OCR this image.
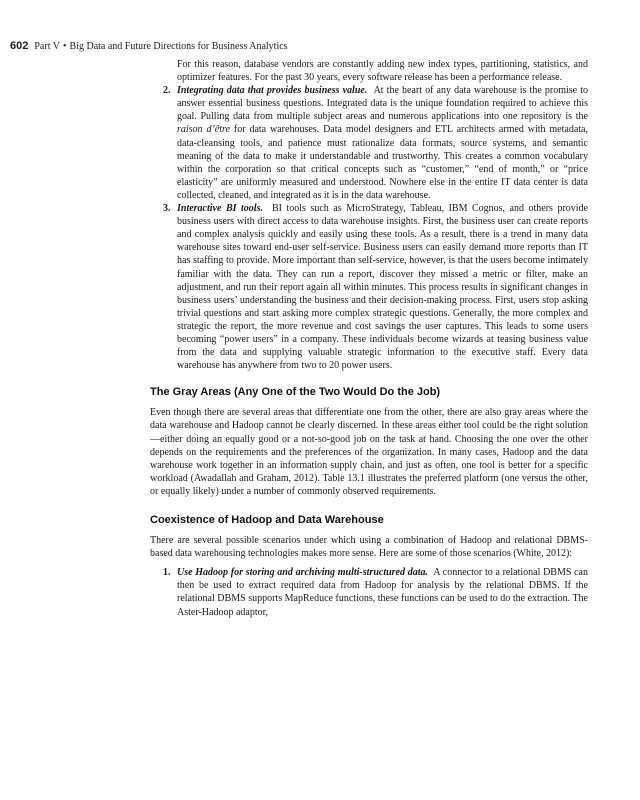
602 Part V • Big Data and Future Directions for Business Analytics

For this reason, database vendors are constantly adding new index types, partitioning, statistics, and optimizer features. For the past 30 years, every software release has been a performance release.

2. Integrating data that provides business value. At the heart of any data warehouse is the promise to answer essential business questions. Integrated data is the unique foundation required to achieve this goal. Pulling data from multiple subject areas and numerous applications into one repository is the raison d’être for data warehouses. Data model designers and ETL architects armed with metadata, data-cleansing tools, and patience must rationalize data formats, source systems, and semantic meaning of the data to make it understandable and trustworthy. This creates a common vocabulary within the corporation so that critical concepts such as “customer,” “end of month,” or “price elasticity” are uniformly measured and understood. Nowhere else in the entire IT data center is data collected, cleaned, and integrated as it is in the data warehouse.
3. Interactive BI tools. BI tools such as MicroStrategy, Tableau, IBM Cognos, and others provide business users with direct access to data warehouse insights. First, the business user can create reports and complex analysis quickly and easily using these tools. As a result, there is a trend in many data warehouse sites toward end-user self-service. Business users can easily demand more reports than IT has staffing to provide. More important than self-service, however, is that the users become intimately familiar with the data. They can run a report, discover they missed a metric or filter, make an adjustment, and run their report again all within minutes. This process results in significant changes in business users’ understanding the business and their decision-making process. First, users stop asking trivial questions and start asking more complex strategic questions. Generally, the more complex and strategic the report, the more revenue and cost savings the user captures. This leads to some users becoming “power users” in a company. These individuals become wizards at teasing business value from the data and supplying valuable strategic information to the executive staff. Every data warehouse has anywhere from two to 20 power users.
The Gray Areas (Any One of the Two Would Do the Job)

Even though there are several areas that differentiate one from the other, there are also gray areas where the data warehouse and Hadoop cannot be clearly discerned. In these areas either tool could be the right solution—either doing an equally good or a not-so-good job on the task at hand. Choosing the one over the other depends on the requirements and the preferences of the organization. In many cases, Hadoop and the data warehouse work together in an information supply chain, and just as often, one tool is better for a specific workload (Awadallah and Graham, 2012). Table 13.1 illustrates the preferred platform (one versus the other, or equally likely) under a number of commonly observed requirements.

Coexistence of Hadoop and Data Warehouse

There are several possible scenarios under which using a combination of Hadoop and relational DBMS-based data warehousing technologies makes more sense. Here are some of those scenarios (White, 2012):

1. Use Hadoop for storing and archiving multi-structured data. A connector to a relational DBMS can then be used to extract required data from Hadoop for analysis by the relational DBMS. If the relational DBMS supports MapReduce functions, these functions can be used to do the extraction. The Aster-Hadoop adaptor,
